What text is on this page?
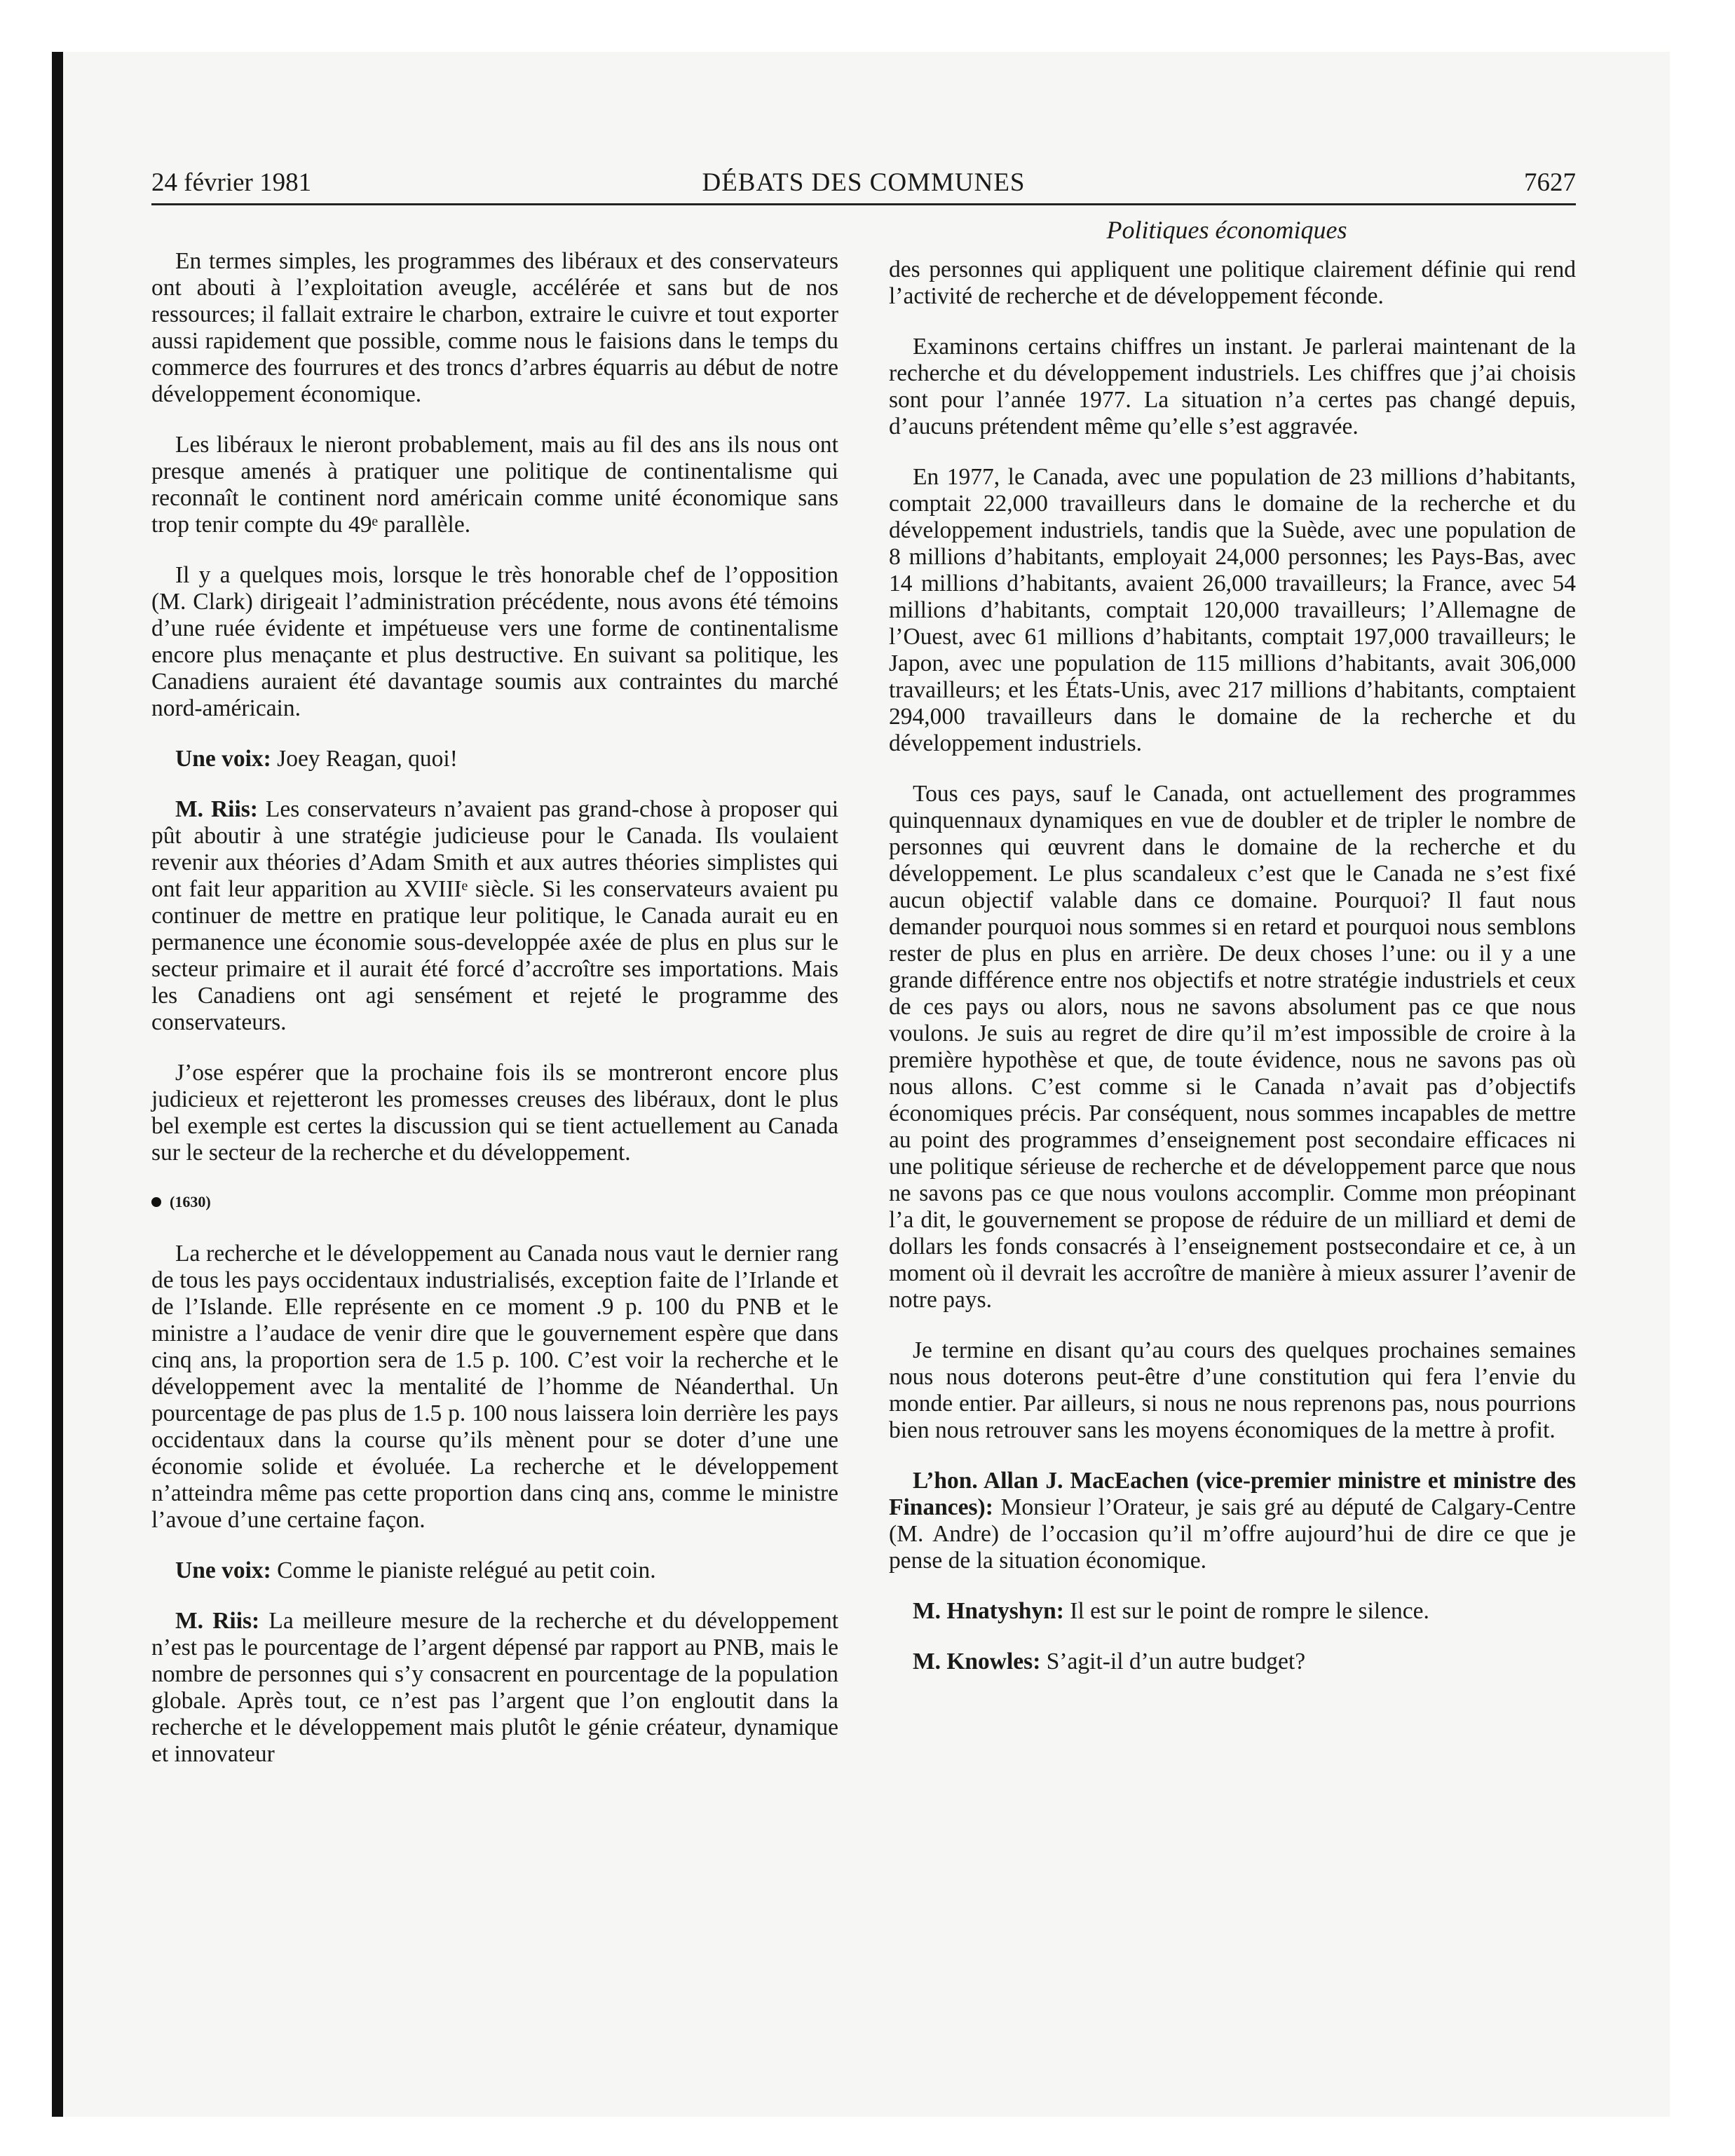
24 février 1981	DÉBATS DES COMMUNES	7627
Politiques économiques

En termes simples, les programmes des libéraux et des conservateurs ont abouti à l’exploitation aveugle, accélérée et sans but de nos ressources; il fallait extraire le charbon, extraire le cuivre et tout exporter aussi rapidement que possible, comme nous le faisions dans le temps du commerce des fourrures et des troncs d’arbres équarris au début de notre développement économique.

Les libéraux le nieront probablement, mais au fil des ans ils nous ont presque amenés à pratiquer une politique de continentalisme qui reconnaît le continent nord américain comme unité économique sans trop tenir compte du 49ᵉ parallèle.

Il y a quelques mois, lorsque le très honorable chef de l’opposition (M. Clark) dirigeait l’administration précédente, nous avons été témoins d’une ruée évidente et impétueuse vers une forme de continentalisme encore plus menaçante et plus destructive. En suivant sa politique, les Canadiens auraient été davantage soumis aux contraintes du marché nord-américain.

Une voix: Joey Reagan, quoi!

M. Riis: Les conservateurs n’avaient pas grand-chose à proposer qui pût aboutir à une stratégie judicieuse pour le Canada. Ils voulaient revenir aux théories d’Adam Smith et aux autres théories simplistes qui ont fait leur apparition au XVIIIᵉ siècle. Si les conservateurs avaient pu continuer de mettre en pratique leur politique, le Canada aurait eu en permanence une économie sous-developpée axée de plus en plus sur le secteur primaire et il aurait été forcé d’accroître ses importations. Mais les Canadiens ont agi sensément et rejeté le programme des conservateurs.

J’ose espérer que la prochaine fois ils se montreront encore plus judicieux et rejetteront les promesses creuses des libéraux, dont le plus bel exemple est certes la discussion qui se tient actuellement au Canada sur le secteur de la recherche et du développement.

(1630)

La recherche et le développement au Canada nous vaut le dernier rang de tous les pays occidentaux industrialisés, exception faite de l’Irlande et de l’Islande. Elle représente en ce moment .9 p. 100 du PNB et le ministre a l’audace de venir dire que le gouvernement espère que dans cinq ans, la proportion sera de 1.5 p. 100. C’est voir la recherche et le développement avec la mentalité de l’homme de Néanderthal. Un pourcentage de pas plus de 1.5 p. 100 nous laissera loin derrière les pays occidentaux dans la course qu’ils mènent pour se doter d’une une économie solide et évoluée. La recherche et le développement n’atteindra même pas cette proportion dans cinq ans, comme le ministre l’avoue d’une certaine façon.

Une voix: Comme le pianiste relégué au petit coin.

M. Riis: La meilleure mesure de la recherche et du développement n’est pas le pourcentage de l’argent dépensé par rapport au PNB, mais le nombre de personnes qui s’y consacrent en pourcentage de la population globale. Après tout, ce n’est pas l’argent que l’on engloutit dans la recherche et le développement mais plutôt le génie créateur, dynamique et innovateur

des personnes qui appliquent une politique clairement définie qui rend l’activité de recherche et de développement féconde.

Examinons certains chiffres un instant. Je parlerai maintenant de la recherche et du développement industriels. Les chiffres que j’ai choisis sont pour l’année 1977. La situation n’a certes pas changé depuis, d’aucuns prétendent même qu’elle s’est aggravée.

En 1977, le Canada, avec une population de 23 millions d’habitants, comptait 22,000 travailleurs dans le domaine de la recherche et du développement industriels, tandis que la Suède, avec une population de 8 millions d’habitants, employait 24,000 personnes; les Pays-Bas, avec 14 millions d’habitants, avaient 26,000 travailleurs; la France, avec 54 millions d’habitants, comptait 120,000 travailleurs; l’Allemagne de l’Ouest, avec 61 millions d’habitants, comptait 197,000 travailleurs; le Japon, avec une population de 115 millions d’habitants, avait 306,000 travailleurs; et les États-Unis, avec 217 millions d’habitants, comptaient 294,000 travailleurs dans le domaine de la recherche et du développement industriels.

Tous ces pays, sauf le Canada, ont actuellement des programmes quinquennaux dynamiques en vue de doubler et de tripler le nombre de personnes qui œuvrent dans le domaine de la recherche et du développement. Le plus scandaleux c’est que le Canada ne s’est fixé aucun objectif valable dans ce domaine. Pourquoi? Il faut nous demander pourquoi nous sommes si en retard et pourquoi nous semblons rester de plus en plus en arrière. De deux choses l’une: ou il y a une grande différence entre nos objectifs et notre stratégie industriels et ceux de ces pays ou alors, nous ne savons absolument pas ce que nous voulons. Je suis au regret de dire qu’il m’est impossible de croire à la première hypothèse et que, de toute évidence, nous ne savons pas où nous allons. C’est comme si le Canada n’avait pas d’objectifs économiques précis. Par conséquent, nous sommes incapables de mettre au point des programmes d’enseignement post secondaire efficaces ni une politique sérieuse de recherche et de développement parce que nous ne savons pas ce que nous voulons accomplir. Comme mon préopinant l’a dit, le gouvernement se propose de réduire de un milliard et demi de dollars les fonds consacrés à l’enseignement postsecondaire et ce, à un moment où il devrait les accroître de manière à mieux assurer l’avenir de notre pays.

Je termine en disant qu’au cours des quelques prochaines semaines nous nous doterons peut-être d’une constitution qui fera l’envie du monde entier. Par ailleurs, si nous ne nous reprenons pas, nous pourrions bien nous retrouver sans les moyens économiques de la mettre à profit.

L’hon. Allan J. MacEachen (vice-premier ministre et ministre des Finances): Monsieur l’Orateur, je sais gré au député de Calgary-Centre (M. Andre) de l’occasion qu’il m’offre aujourd’hui de dire ce que je pense de la situation économique.

M. Hnatyshyn: Il est sur le point de rompre le silence.

M. Knowles: S’agit-il d’un autre budget?
